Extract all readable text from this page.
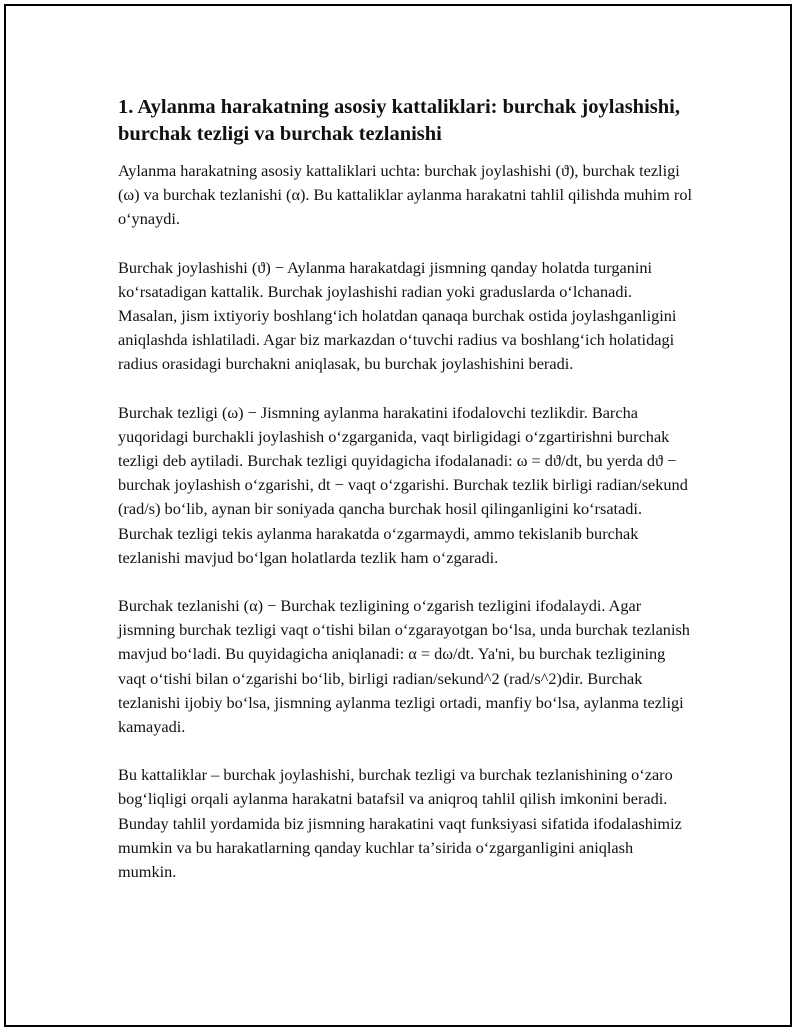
1. Aylanma harakatning asosiy kattaliklari: burchak joylashishi, burchak tezligi va burchak tezlanishi

Aylanma harakatning asosiy kattaliklari uchta: burchak joylashishi (ϑ), burchak tezligi (ω) va burchak tezlanishi (α). Bu kattaliklar aylanma harakatni tahlil qilishda muhim rol oʻynaydi.

Burchak joylashishi (ϑ) − Aylanma harakatdagi jismning qanday holatda turganini koʻrsatadigan kattalik. Burchak joylashishi radian yoki graduslarda oʻlchanadi. Masalan, jism ixtiyoriy boshlangʻich holatdan qanaqa burchak ostida joylashganligini aniqlashda ishlatiladi. Agar biz markazdan oʻtuvchi radius va boshlangʻich holatidagi radius orasidagi burchakni aniqlasak, bu burchak joylashishini beradi.

Burchak tezligi (ω) − Jismning aylanma harakatini ifodalovchi tezlikdir. Barcha yuqoridagi burchakli joylashish oʻzgarganida, vaqt birligidagi oʻzgartirishni burchak tezligi deb aytiladi. Burchak tezligi quyidagicha ifodalanadi: ω = dϑ/dt, bu yerda dϑ − burchak joylashish oʻzgarishi, dt − vaqt oʻzgarishi. Burchak tezlik birligi radian/sekund (rad/s) boʻlib, aynan bir soniyada qancha burchak hosil qilinganligini koʻrsatadi. Burchak tezligi tekis aylanma harakatda oʻzgarmaydi, ammo tekislanib burchak tezlanishi mavjud boʻlgan holatlarda tezlik ham oʻzgaradi.

Burchak tezlanishi (α) − Burchak tezligining oʻzgarish tezligini ifodalaydi. Agar jismning burchak tezligi vaqt oʻtishi bilan oʻzgarayotgan boʻlsa, unda burchak tezlanish mavjud boʻladi. Bu quyidagicha aniqlanadi: α = dω/dt. Ya'ni, bu burchak tezligining vaqt oʻtishi bilan oʻzgarishi boʻlib, birligi radian/sekund^2 (rad/s^2)dir. Burchak tezlanishi ijobiy boʻlsa, jismning aylanma tezligi ortadi, manfiy boʻlsa, aylanma tezligi kamayadi.

Bu kattaliklar – burchak joylashishi, burchak tezligi va burchak tezlanishining oʻzaro bogʻliqligi orqali aylanma harakatni batafsil va aniqroq tahlil qilish imkonini beradi. Bunday tahlil yordamida biz jismning harakatini vaqt funksiyasi sifatida ifodalashimiz mumkin va bu harakatlarning qanday kuchlar taʼsirida oʻzgarganligini aniqlash mumkin.
